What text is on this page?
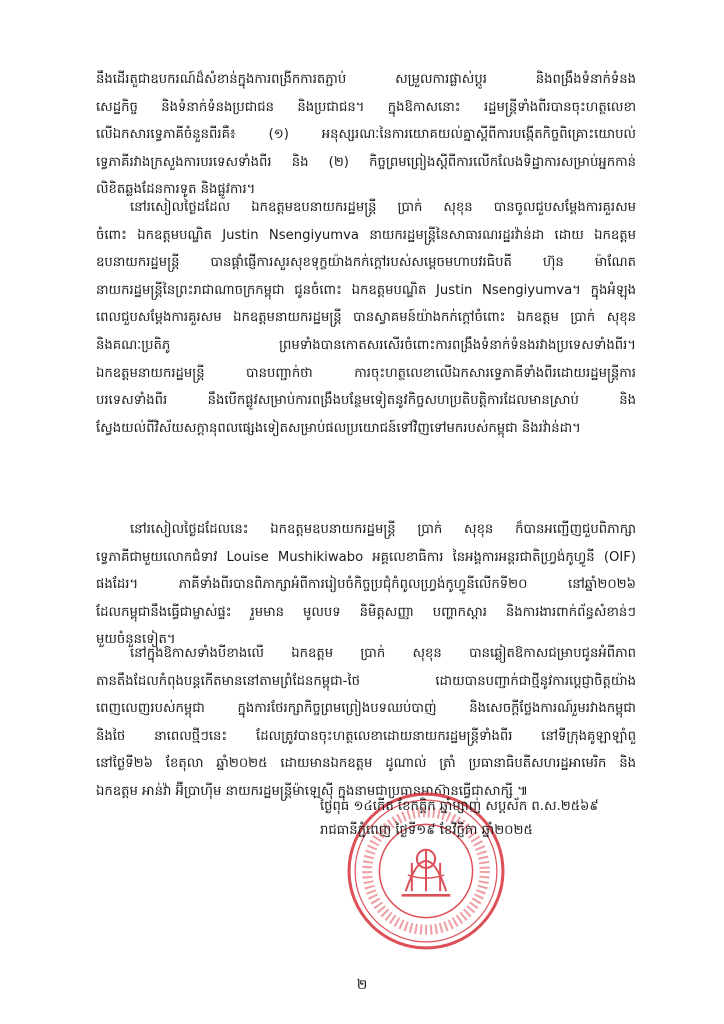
នឹងដើរតួជាឧបករណ៍ដ៏សំខាន់ក្នុងការពង្រីកការតភ្ជាប់ សម្រួលការផ្លាស់ប្តូរ និងពង្រឹងទំនាក់ទំនង
សេដ្ឋកិច្ច និងទំនាក់ទំនងប្រជាជន និងប្រជាជន។ ក្នុងឱកាសនោះ រដ្ឋមន្ត្រីទាំងពីរបានចុះហត្ថលេខា
លើឯកសារទ្វេភាគីចំនួនពីរគឺ៖ (១) អនុស្សរណៈនៃការយោគយល់គ្នាស្តីពីការបង្កើតកិច្ចពិគ្រោះយោបល់
ទ្វេភាគីរវាងក្រសួងការបរទេសទាំងពីរ និង (២) កិច្ចព្រមព្រៀងស្តីពីការលើកលែងទិដ្ឋាការសម្រាប់អ្នកកាន់
លិខិតឆ្លងដែនការទូត និងផ្លូវការ។
នៅរសៀលថ្ងៃដដែល ឯកឧត្តមឧបនាយករដ្ឋមន្ត្រី ប្រាក់ សុខុន បានចូលជួបសម្តែងការគួរសម
ចំពោះ ឯកឧត្តមបណ្ឌិត Justin Nsengiyumva នាយករដ្ឋមន្ត្រីនៃសាធារណរដ្ឋរវ៉ាន់ដា ដោយ ឯកឧត្តម
ឧបនាយករដ្ឋមន្ត្រី បានផ្តាំផ្ញើការសួរសុខទុក្ខយ៉ាងកក់ក្តៅរបស់សម្តេចមហាបវរធិបតី ហ៊ុន ម៉ាណែត
នាយករដ្ឋមន្ត្រីនៃព្រះរាជាណាចក្រកម្ពុជា ជូនចំពោះ ឯកឧត្តមបណ្ឌិត Justin Nsengiyumva។ ក្នុងអំឡុង
ពេលជួបសម្តែងការគួរសម ឯកឧត្តមនាយករដ្ឋមន្ត្រី បានស្វាគមន៍យ៉ាងកក់ក្តៅចំពោះ ឯកឧត្តម ប្រាក់ សុខុន
និងគណៈប្រតិភូ ព្រមទាំងបានកោតសរសើរចំពោះការពង្រឹងទំនាក់ទំនងរវាងប្រទេសទាំងពីរ។
ឯកឧត្តមនាយករដ្ឋមន្ត្រី បានបញ្ជាក់ថា ការចុះហត្ថលេខាលើឯកសារទ្វេភាគីទាំងពីរដោយរដ្ឋមន្ត្រីការ
បរទេសទាំងពីរ នឹងបើកផ្លូវសម្រាប់ការពង្រឹងបន្ថែមទៀតនូវកិច្ចសហប្រតិបត្តិការដែលមានស្រាប់ និង
ស្វែងយល់ពីវិស័យសក្តានុពលផ្សេងទៀតសម្រាប់ផលប្រយោជន៍ទៅវិញទៅមករបស់កម្ពុជា និងរវ៉ាន់ដា។
នៅរសៀលថ្ងៃដដែលនេះ ឯកឧត្តមឧបនាយករដ្ឋមន្ត្រី ប្រាក់ សុខុន ក៏បានអញ្ជើញជួបពិភាក្សា
ទ្វេភាគីជាមួយលោកជំទាវ Louise Mushikiwabo អគ្គលេខាធិការ នៃអង្គការអន្តរជាតិហ្វ្រង់កូហ្វូនី (OIF)
ផងដែរ។ ភាគីទាំងពីរបានពិភាក្សាអំពីការរៀបចំកិច្ចប្រជុំកំពូលហ្វ្រង់កូហ្វូនីលើកទី២០ នៅឆ្នាំ២០២៦
ដែលកម្ពុជានឹងធ្វើជាម្ចាស់ផ្ទះ រួមមាន មូលបទ និមិត្តសញ្ញា បញ្ហាកស្តារ និងការងារពាក់ព័ន្ធសំខាន់ៗ
មួយចំនួនទៀត។
នៅក្នុងឱកាសទាំងបីខាងលើ ឯកឧត្តម ប្រាក់ សុខុន បានឆ្លៀតឱកាសជម្រាបជូនអំពីភាព
តានតឹងដែលកំពុងបន្តកើតមាននៅតាមព្រំដែនកម្ពុជា-ថៃ ដោយបានបញ្ជាក់ជាថ្មីនូវការប្តេជ្ញាចិត្តយ៉ាង
ពេញលេញរបស់កម្ពុជា ក្នុងការថែរក្សាកិច្ចព្រមព្រៀងបទឈប់បាញ់ និងសេចក្តីថ្លែងការណ៍រួមរវាងកម្ពុជា
និងថៃ នាពេលថ្មីៗនេះ ដែលត្រូវបានចុះហត្ថលេខាដោយនាយករដ្ឋមន្ត្រីទាំងពីរ នៅទីក្រុងគូឡាឡាំពួ
នៅថ្ងៃទី២៦ ខែតុលា ឆ្នាំ២០២៥ ដោយមានឯកឧត្តម ដូណាល់ ត្រាំ ប្រធានាធិបតីសហរដ្ឋអាមេរិក និង
ឯកឧត្តម អាន់វ៉ា អ៊ីប្រាហ៊ីម នាយករដ្ឋមន្ត្រីម៉ាឡេស៊ី ក្នុងនាមជាប្រធានអាស៊ានធ្វើជាសាក្សី ៕
ថ្ងៃពុធ ១៤កើត ខែកត្តិក ឆ្នាំម្សាញ់ សប្តស័ក ព.ស.២៥៦៩
រាជធានីភ្នំពេញ ថ្ងៃទី១៩ ខែវិច្ឆិកា ឆ្នាំ២០២៥
២
